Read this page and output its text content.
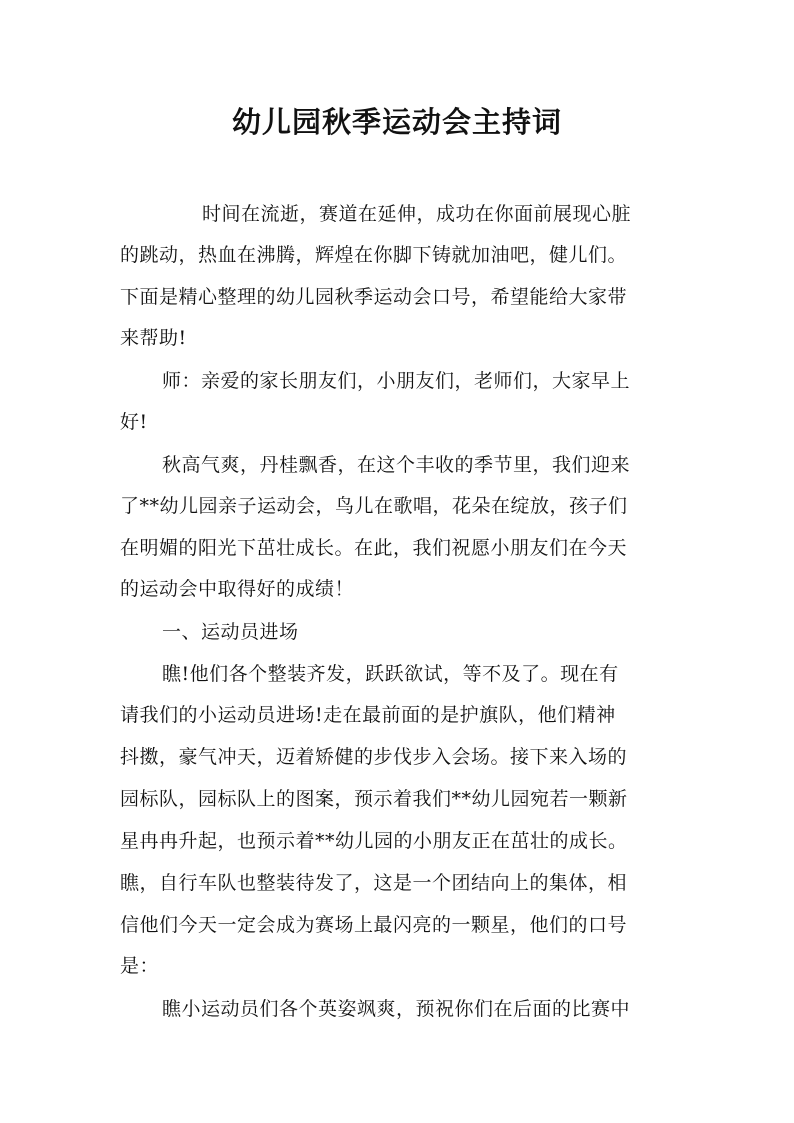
幼儿园秋季运动会主持词
时间在流逝，赛道在延伸，成功在你面前展现心脏
的跳动，热血在沸腾，辉煌在你脚下铸就加油吧，健儿们。
下面是精心整理的幼儿园秋季运动会口号，希望能给大家带
来帮助!
师：亲爱的家长朋友们，小朋友们，老师们，大家早上
好!
秋高气爽，丹桂飘香，在这个丰收的季节里，我们迎来
了**幼儿园亲子运动会，鸟儿在歌唱，花朵在绽放，孩子们
在明媚的阳光下茁壮成长。在此，我们祝愿小朋友们在今天
的运动会中取得好的成绩！
一、运动员进场
瞧!他们各个整装齐发，跃跃欲试，等不及了。现在有
请我们的小运动员进场!走在最前面的是护旗队，他们精神
抖擞，豪气冲天，迈着矫健的步伐步入会场。接下来入场的
园标队，园标队上的图案，预示着我们**幼儿园宛若一颗新
星冉冉升起，也预示着**幼儿园的小朋友正在茁壮的成长。
瞧，自行车队也整装待发了，这是一个团结向上的集体，相
信他们今天一定会成为赛场上最闪亮的一颗星，他们的口号
是：
瞧小运动员们各个英姿飒爽，预祝你们在后面的比赛中
